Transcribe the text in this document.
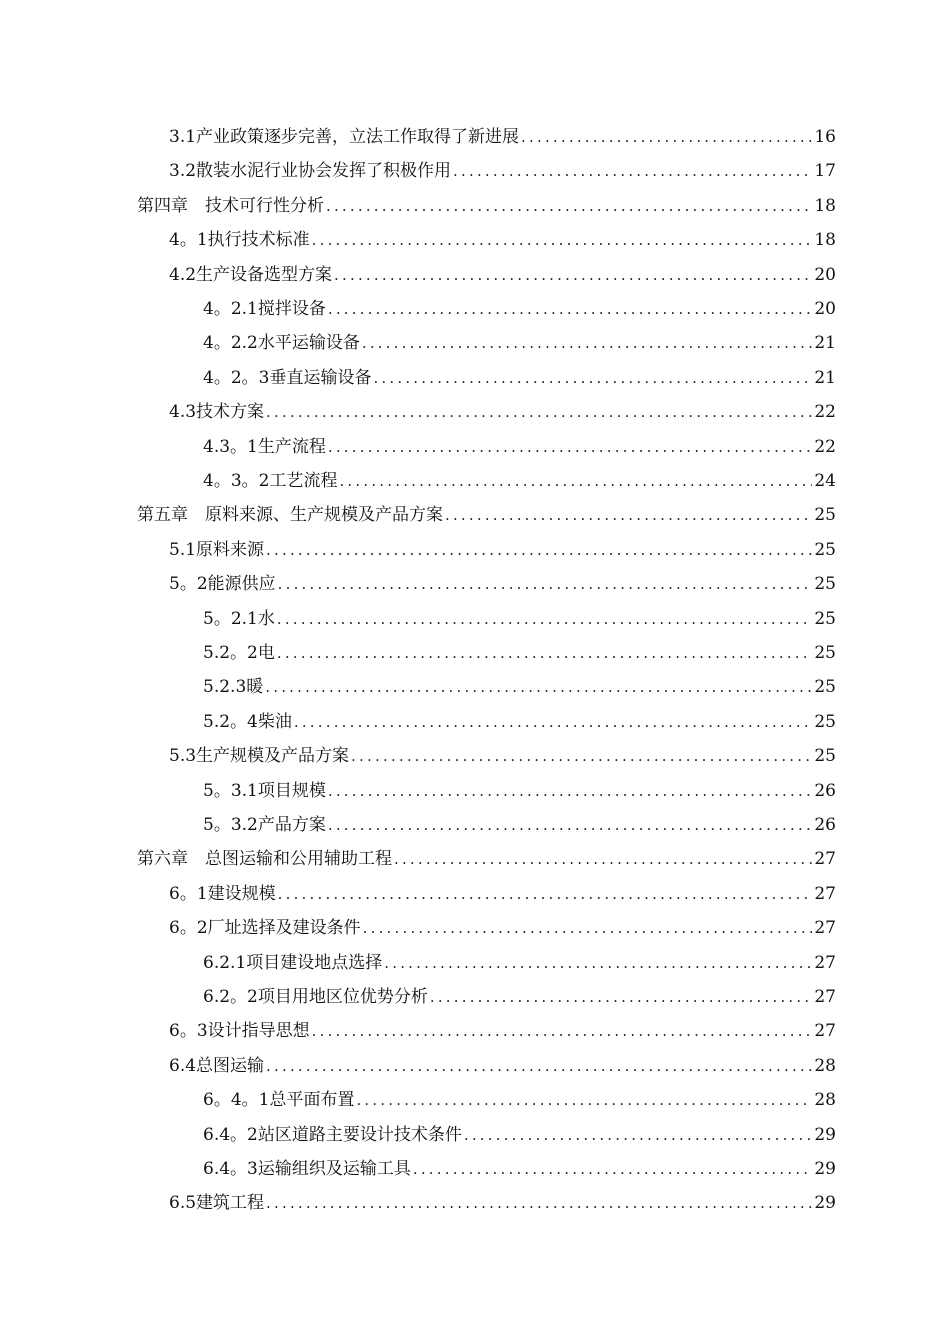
3.1产业政策逐步完善，立法工作取得了新进展 .....	16
3.2散装水泥行业协会发挥了积极作用 .....	17
第四章　技术可行性分析 .....	18
4。1执行技术标准 .....	18
4.2生产设备选型方案 .....	20
4。2.1搅拌设备 .....	20
4。2.2水平运输设备 .....	21
4。2。3垂直运输设备 .....	21
4.3技术方案 .....	22
4.3。1生产流程 .....	22
4。3。2工艺流程 .....	24
第五章　原料来源、生产规模及产品方案 .....	25
5.1原料来源 .....	25
5。2能源供应 .....	25
5。2.1水 .....	25
5.2。2电 .....	25
5.2.3暖 .....	25
5.2。4柴油 .....	25
5.3生产规模及产品方案 .....	25
5。3.1项目规模 .....	26
5。3.2产品方案 .....	26
第六章　总图运输和公用辅助工程 .....	27
6。1建设规模 .....	27
6。2厂址选择及建设条件 .....	27
6.2.1项目建设地点选择 .....	27
6.2。2项目用地区位优势分析 .....	27
6。3设计指导思想 .....	27
6.4总图运输 .....	28
6。4。1总平面布置 .....	28
6.4。2站区道路主要设计技术条件 .....	29
6.4。3运输组织及运输工具 .....	29
6.5建筑工程 .....	29
